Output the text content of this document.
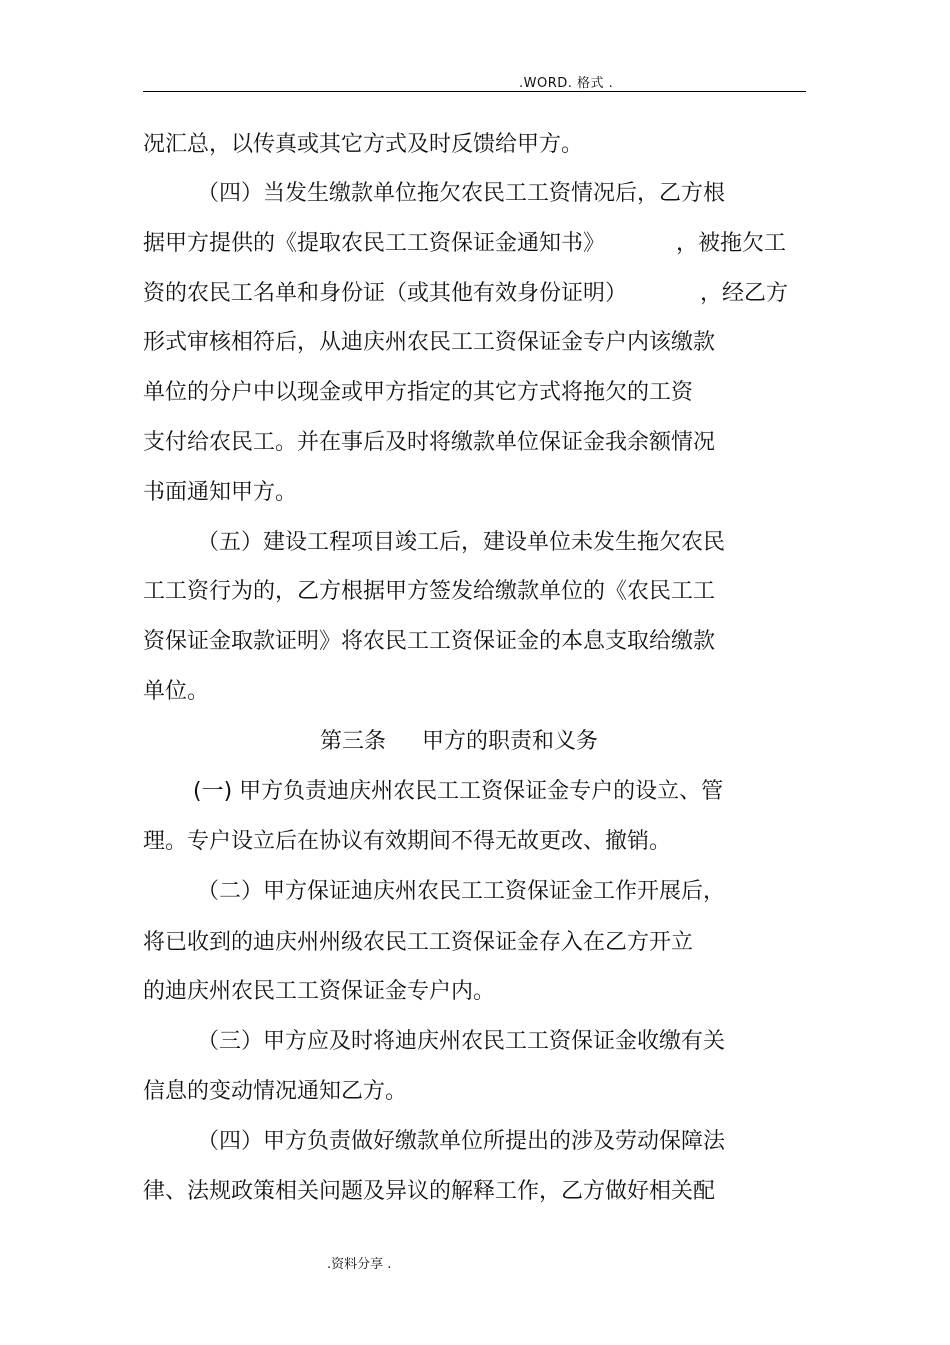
.WORD. 格式 .
况汇总，以传真或其它方式及时反馈给甲方。
（四）当发生缴款单位拖欠农民工工资情况后，乙方根
据甲方提供的《提取农民工工资保证金通知书》	，被拖欠工
资的农民工名单和身份证（或其他有效身份证明）	，经乙方
形式审核相符后，从迪庆州农民工工资保证金专户内该缴款
单位的分户中以现金或甲方指定的其它方式将拖欠的工资
支付给农民工。并在事后及时将缴款单位保证金我余额情况
书面通知甲方。
（五）建设工程项目竣工后，建设单位未发生拖欠农民
工工资行为的，乙方根据甲方签发给缴款单位的《农民工工
资保证金取款证明》将农民工工资保证金的本息支取给缴款
单位。
第三条　  甲方的职责和义务
(一) 甲方负责迪庆州农民工工资保证金专户的设立、管
理。专户设立后在协议有效期间不得无故更改、撤销。
（二）甲方保证迪庆州农民工工资保证金工作开展后，
将已收到的迪庆州州级农民工工资保证金存入在乙方开立
的迪庆州农民工工资保证金专户内。
（三）甲方应及时将迪庆州农民工工资保证金收缴有关
信息的变动情况通知乙方。
（四）甲方负责做好缴款单位所提出的涉及劳动保障法
律、法规政策相关问题及异议的解释工作，乙方做好相关配
.资料分享 .
